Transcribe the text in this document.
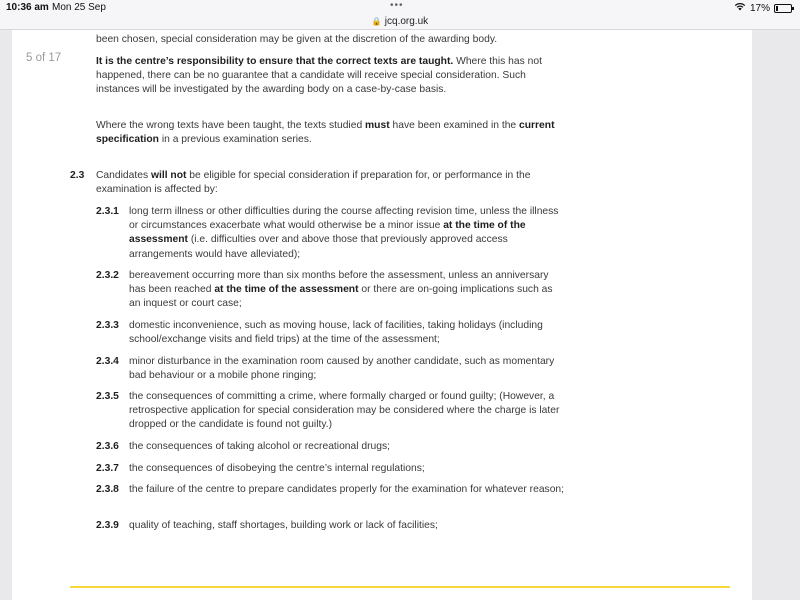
10:36 am Mon 25 Sep	•••	17%
🔒 jcq.org.uk
5 of 17
been chosen, special consideration may be given at the discretion of the awarding body.
It is the centre’s responsibility to ensure that the correct texts are taught. Where this has not happened, there can be no guarantee that a candidate will receive special consideration. Such instances will be investigated by the awarding body on a case-by-case basis.
Where the wrong texts have been taught, the texts studied must have been examined in the current specification in a previous examination series.
2.3 Candidates will not be eligible for special consideration if preparation for, or performance in the examination is affected by:
2.3.1 long term illness or other difficulties during the course affecting revision time, unless the illness or circumstances exacerbate what would otherwise be a minor issue at the time of the assessment (i.e. difficulties over and above those that previously approved access arrangements would have alleviated);
2.3.2 bereavement occurring more than six months before the assessment, unless an anniversary has been reached at the time of the assessment or there are on-going implications such as an inquest or court case;
2.3.3 domestic inconvenience, such as moving house, lack of facilities, taking holidays (including school/exchange visits and field trips) at the time of the assessment;
2.3.4 minor disturbance in the examination room caused by another candidate, such as momentary bad behaviour or a mobile phone ringing;
2.3.5 the consequences of committing a crime, where formally charged or found guilty; (However, a retrospective application for special consideration may be considered where the charge is later dropped or the candidate is found not guilty.)
2.3.6 the consequences of taking alcohol or recreational drugs;
2.3.7 the consequences of disobeying the centre’s internal regulations;
2.3.8 the failure of the centre to prepare candidates properly for the examination for whatever reason;
2.3.9 quality of teaching, staff shortages, building work or lack of facilities;
